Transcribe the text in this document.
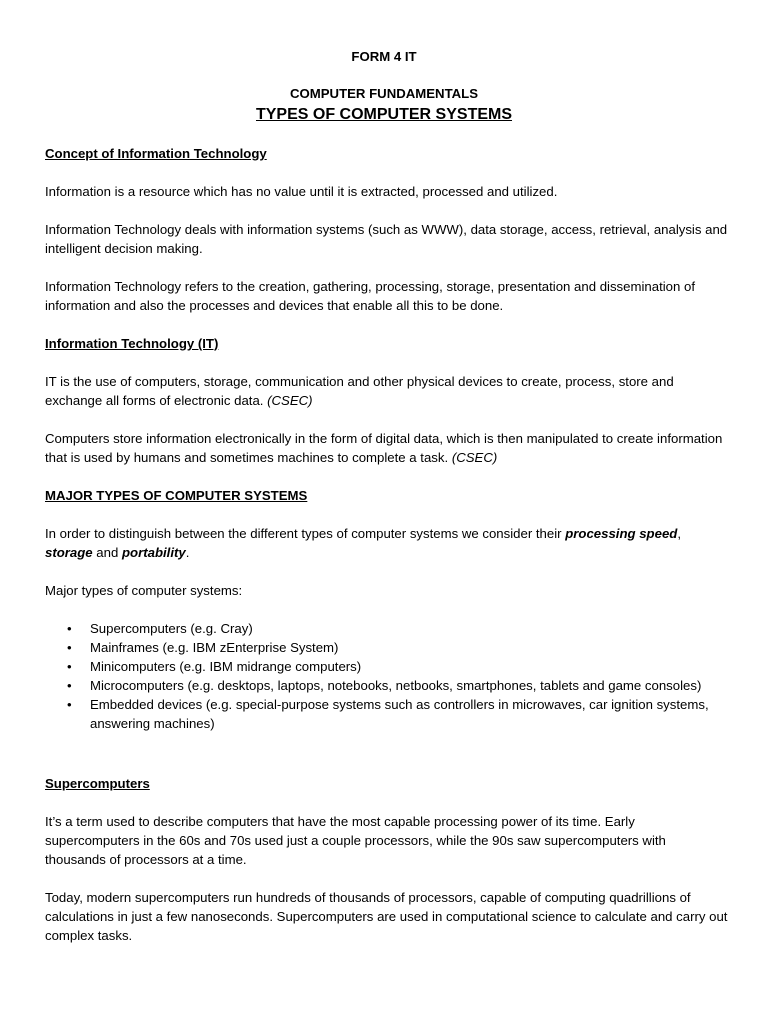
FORM 4 IT
COMPUTER FUNDAMENTALS
TYPES OF COMPUTER SYSTEMS
Concept of Information Technology

Information is a resource which has no value until it is extracted, processed and utilized.

Information Technology deals with information systems (such as WWW), data storage, access, retrieval, analysis and intelligent decision making.

Information Technology refers to the creation, gathering, processing, storage, presentation and dissemination of information and also the processes and devices that enable all this to be done.

Information Technology (IT)

IT is the use of computers, storage, communication and other physical devices to create, process, store and exchange all forms of electronic data. (CSEC)

Computers store information electronically in the form of digital data, which is then manipulated to create information that is used by humans and sometimes machines to complete a task. (CSEC)

MAJOR TYPES OF COMPUTER SYSTEMS

In order to distinguish between the different types of computer systems we consider their processing speed, storage and portability.

Major types of computer systems:

• Supercomputers (e.g. Cray)
• Mainframes (e.g. IBM zEnterprise System)
• Minicomputers (e.g. IBM midrange computers)
• Microcomputers (e.g. desktops, laptops, notebooks, netbooks, smartphones, tablets and game consoles)
• Embedded devices (e.g. special-purpose systems such as controllers in microwaves, car ignition systems, answering machines)
Supercomputers

It’s a term used to describe computers that have the most capable processing power of its time. Early supercomputers in the 60s and 70s used just a couple processors, while the 90s saw supercomputers with thousands of processors at a time.

Today, modern supercomputers run hundreds of thousands of processors, capable of computing quadrillions of calculations in just a few nanoseconds. Supercomputers are used in computational science to calculate and carry out complex tasks.
